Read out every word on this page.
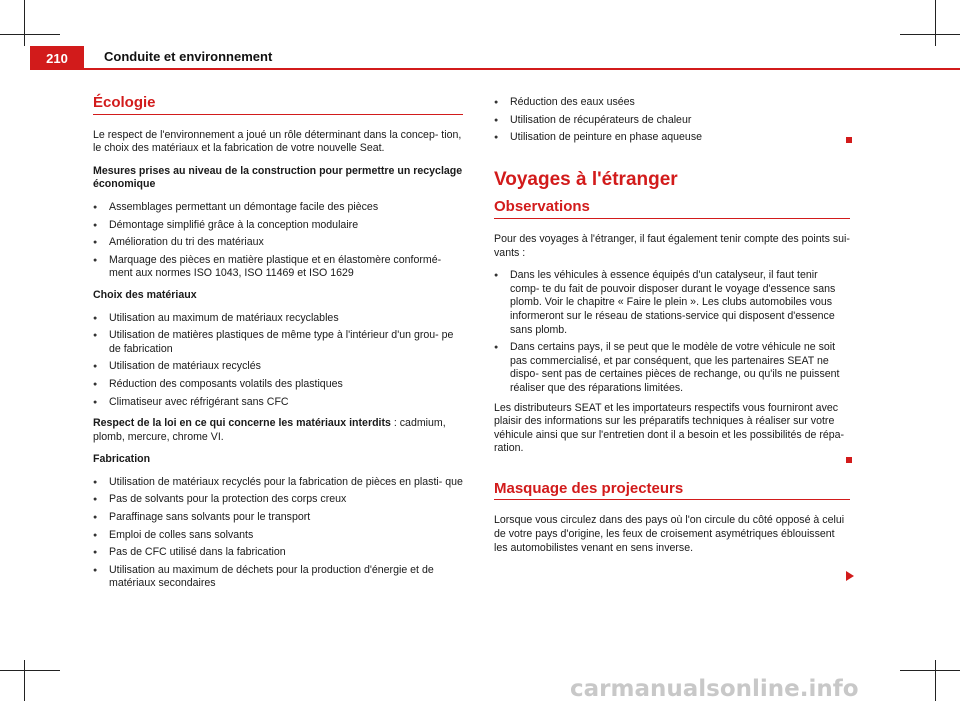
210	Conduite et environnement
Écologie

Le respect de l'environnement a joué un rôle déterminant dans la concep- tion, le choix des matériaux et la fabrication de votre nouvelle Seat.

Mesures prises au niveau de la construction pour permettre un recyclage économique

● Assemblages permettant un démontage facile des pièces
● Démontage simplifié grâce à la conception modulaire
● Amélioration du tri des matériaux
● Marquage des pièces en matière plastique et en élastomère conformé- ment aux normes ISO 1043, ISO 11469 et ISO 1629

Choix des matériaux

● Utilisation au maximum de matériaux recyclables
● Utilisation de matières plastiques de même type à l'intérieur d'un grou- pe de fabrication
● Utilisation de matériaux recyclés
● Réduction des composants volatils des plastiques
● Climatiseur avec réfrigérant sans CFC

Respect de la loi en ce qui concerne les matériaux interdits : cadmium, plomb, mercure, chrome VI.

Fabrication

● Utilisation de matériaux recyclés pour la fabrication de pièces en plasti- que
● Pas de solvants pour la protection des corps creux
● Paraffinage sans solvants pour le transport
● Emploi de colles sans solvants
● Pas de CFC utilisé dans la fabrication
● Utilisation au maximum de déchets pour la production d'énergie et de matériaux secondaires
● Réduction des eaux usées
● Utilisation de récupérateurs de chaleur
● Utilisation de peinture en phase aqueuse
Voyages à l'étranger
Observations

Pour des voyages à l'étranger, il faut également tenir compte des points sui- vants :

● Dans les véhicules à essence équipés d'un catalyseur, il faut tenir comp- te du fait de pouvoir disposer durant le voyage d'essence sans plomb. Voir le chapitre « Faire le plein ». Les clubs automobiles vous informeront sur le réseau de stations-service qui disposent d'essence sans plomb.
● Dans certains pays, il se peut que le modèle de votre véhicule ne soit pas commercialisé, et par conséquent, que les partenaires SEAT ne dispo- sent pas de certaines pièces de rechange, ou qu'ils ne puissent réaliser que des réparations limitées.

Les distributeurs SEAT et les importateurs respectifs vous fourniront avec plaisir des informations sur les préparatifs techniques à réaliser sur votre véhicule ainsi que sur l'entretien dont il a besoin et les possibilités de répa- ration.

Masquage des projecteurs

Lorsque vous circulez dans des pays où l'on circule du côté opposé à celui de votre pays d'origine, les feux de croisement asymétriques éblouissent les automobilistes venant en sens inverse.

carmanualsonline.info
